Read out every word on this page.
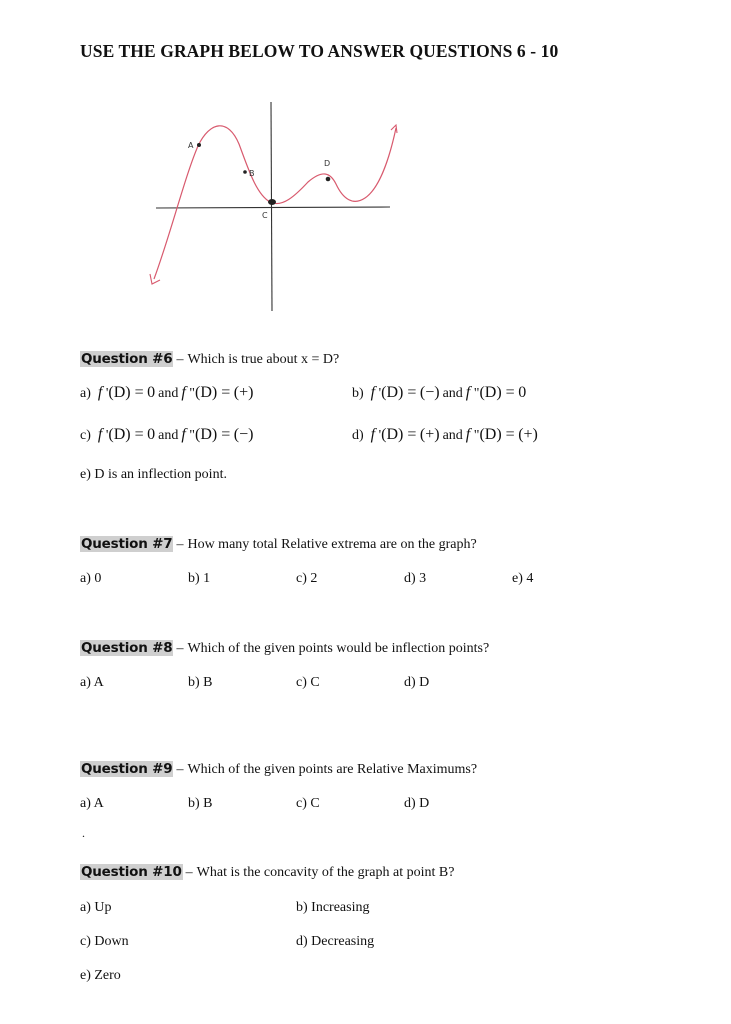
USE THE GRAPH BELOW TO ANSWER QUESTIONS 6 - 10
A
B
C
D
Question #6 – Which is true about x = D?
a) f '(D) = 0 and f "(D) = (+)	b) f '(D) = (−) and f "(D) = 0
c) f '(D) = 0 and f "(D) = (−)	d) f '(D) = (+) and f "(D) = (+)
e) D is an inflection point.
Question #7 – How many total Relative extrema are on the graph?
a) 0	b) 1	c) 2	d) 3	e) 4
Question #8 – Which of the given points would be inflection points?
a) A	b) B	c) C	d) D
Question #9 – Which of the given points are Relative Maximums?
a) A	b) B	c) C	d) D
.
Question #10 – What is the concavity of the graph at point B?
a) Up	b) Increasing
c) Down	d) Decreasing
e) Zero
